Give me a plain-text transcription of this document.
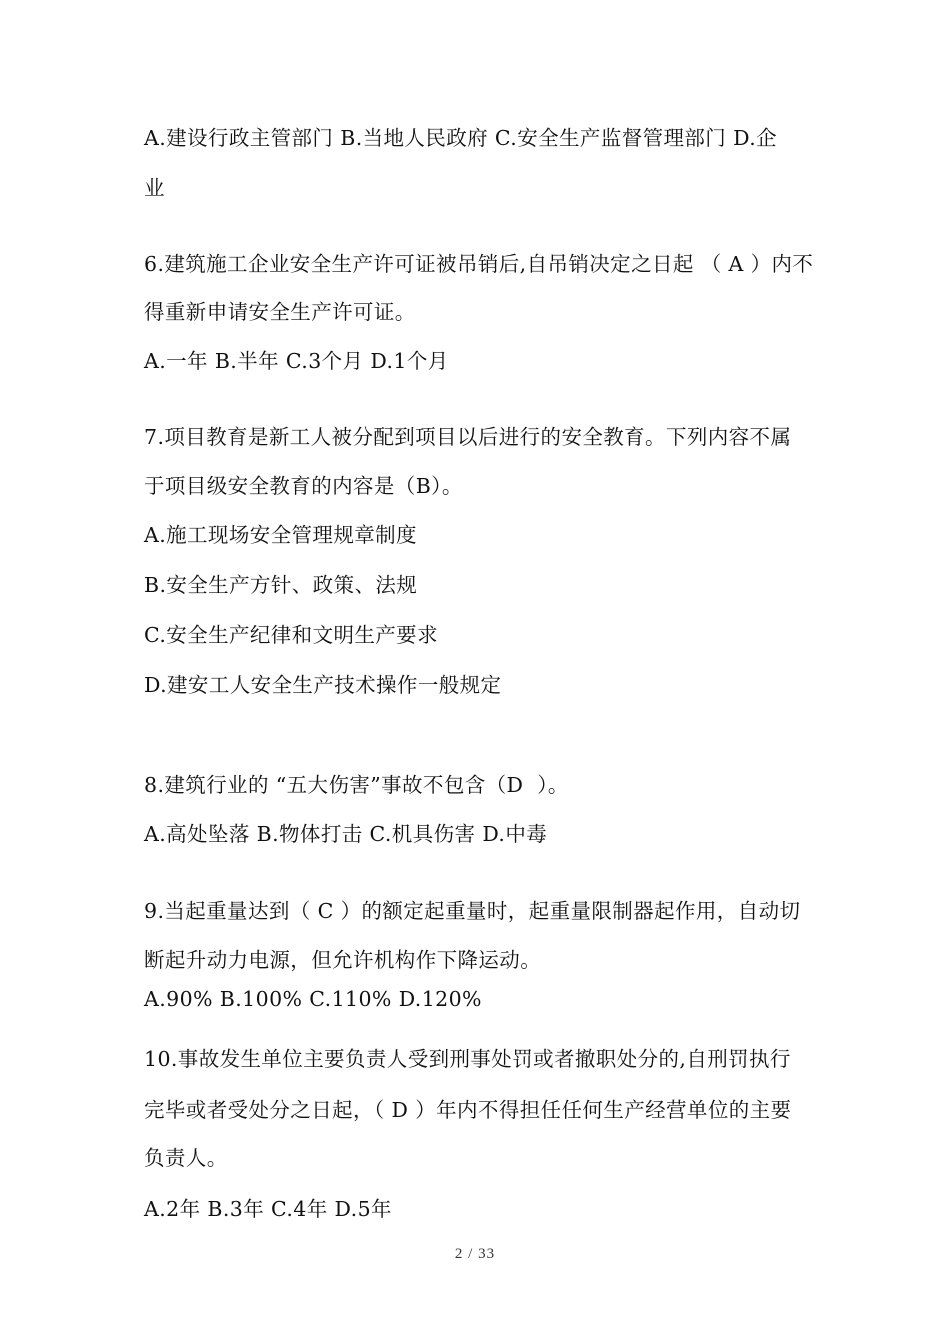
A.建设行政主管部门 B.当地人民政府 C.安全生产监督管理部门 D.企

业

6.建筑施工企业安全生产许可证被吊销后,自吊销决定之日起 （ A ）内不

得重新申请安全生产许可证。

A.一年 B.半年 C.3个月 D.1个月

7.项目教育是新工人被分配到项目以后进行的安全教育。下列内容不属

于项目级安全教育的内容是（B）。

A.施工现场安全管理规章制度

B.安全生产方针、政策、法规

C.安全生产纪律和文明生产要求

D.建安工人安全生产技术操作一般规定

8.建筑行业的 “五大伤害”事故不包含（D  ）。

A.高处坠落 B.物体打击 C.机具伤害 D.中毒

9.当起重量达到（ C ）的额定起重量时，起重量限制器起作用，自动切

断起升动力电源，但允许机构作下降运动。

A.90% B.100% C.110% D.120%

10.事故发生单位主要负责人受到刑事处罚或者撤职处分的,自刑罚执行

完毕或者受处分之日起，（ D ）年内不得担任任何生产经营单位的主要

负责人。

A.2年 B.3年 C.4年 D.5年

2 / 33
